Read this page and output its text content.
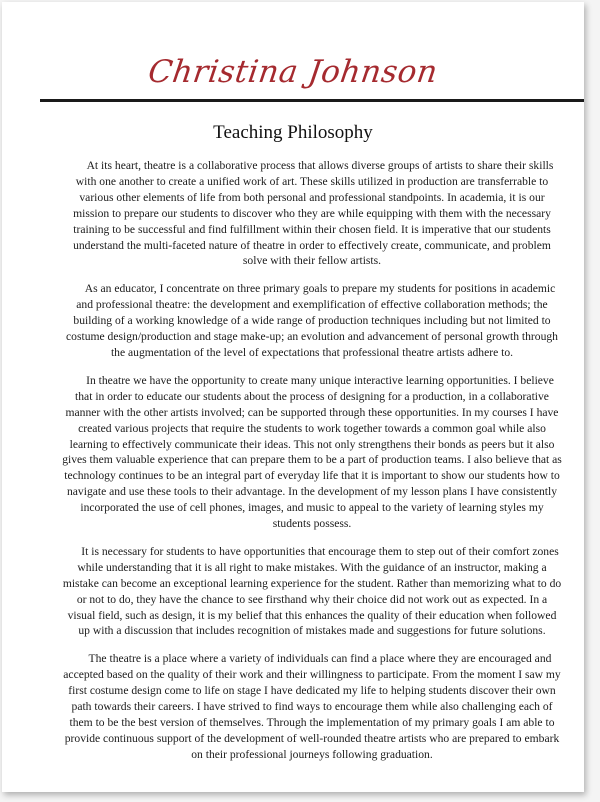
Christina Johnson
Teaching Philosophy

At its heart, theatre is a collaborative process that allows diverse groups of artists to share their skills with one another to create a unified work of art. These skills utilized in production are transferrable to various other elements of life from both personal and professional standpoints. In academia, it is our mission to prepare our students to discover who they are while equipping with them with the necessary training to be successful and find fulfillment within their chosen field. It is imperative that our students understand the multi-faceted nature of theatre in order to effectively create, communicate, and problem solve with their fellow artists.

As an educator, I concentrate on three primary goals to prepare my students for positions in academic and professional theatre: the development and exemplification of effective collaboration methods; the building of a working knowledge of a wide range of production techniques including but not limited to costume design/production and stage make-up; an evolution and advancement of personal growth through the augmentation of the level of expectations that professional theatre artists adhere to.

In theatre we have the opportunity to create many unique interactive learning opportunities. I believe that in order to educate our students about the process of designing for a production, in a collaborative manner with the other artists involved; can be supported through these opportunities. In my courses I have created various projects that require the students to work together towards a common goal while also learning to effectively communicate their ideas. This not only strengthens their bonds as peers but it also gives them valuable experience that can prepare them to be a part of production teams. I also believe that as technology continues to be an integral part of everyday life that it is important to show our students how to navigate and use these tools to their advantage. In the development of my lesson plans I have consistently incorporated the use of cell phones, images, and music to appeal to the variety of learning styles my students possess.

It is necessary for students to have opportunities that encourage them to step out of their comfort zones while understanding that it is all right to make mistakes. With the guidance of an instructor, making a mistake can become an exceptional learning experience for the student. Rather than memorizing what to do or not to do, they have the chance to see firsthand why their choice did not work out as expected. In a visual field, such as design, it is my belief that this enhances the quality of their education when followed up with a discussion that includes recognition of mistakes made and suggestions for future solutions.

The theatre is a place where a variety of individuals can find a place where they are encouraged and accepted based on the quality of their work and their willingness to participate. From the moment I saw my first costume design come to life on stage I have dedicated my life to helping students discover their own path towards their careers. I have strived to find ways to encourage them while also challenging each of them to be the best version of themselves. Through the implementation of my primary goals I am able to provide continuous support of the development of well-rounded theatre artists who are prepared to embark on their professional journeys following graduation.
